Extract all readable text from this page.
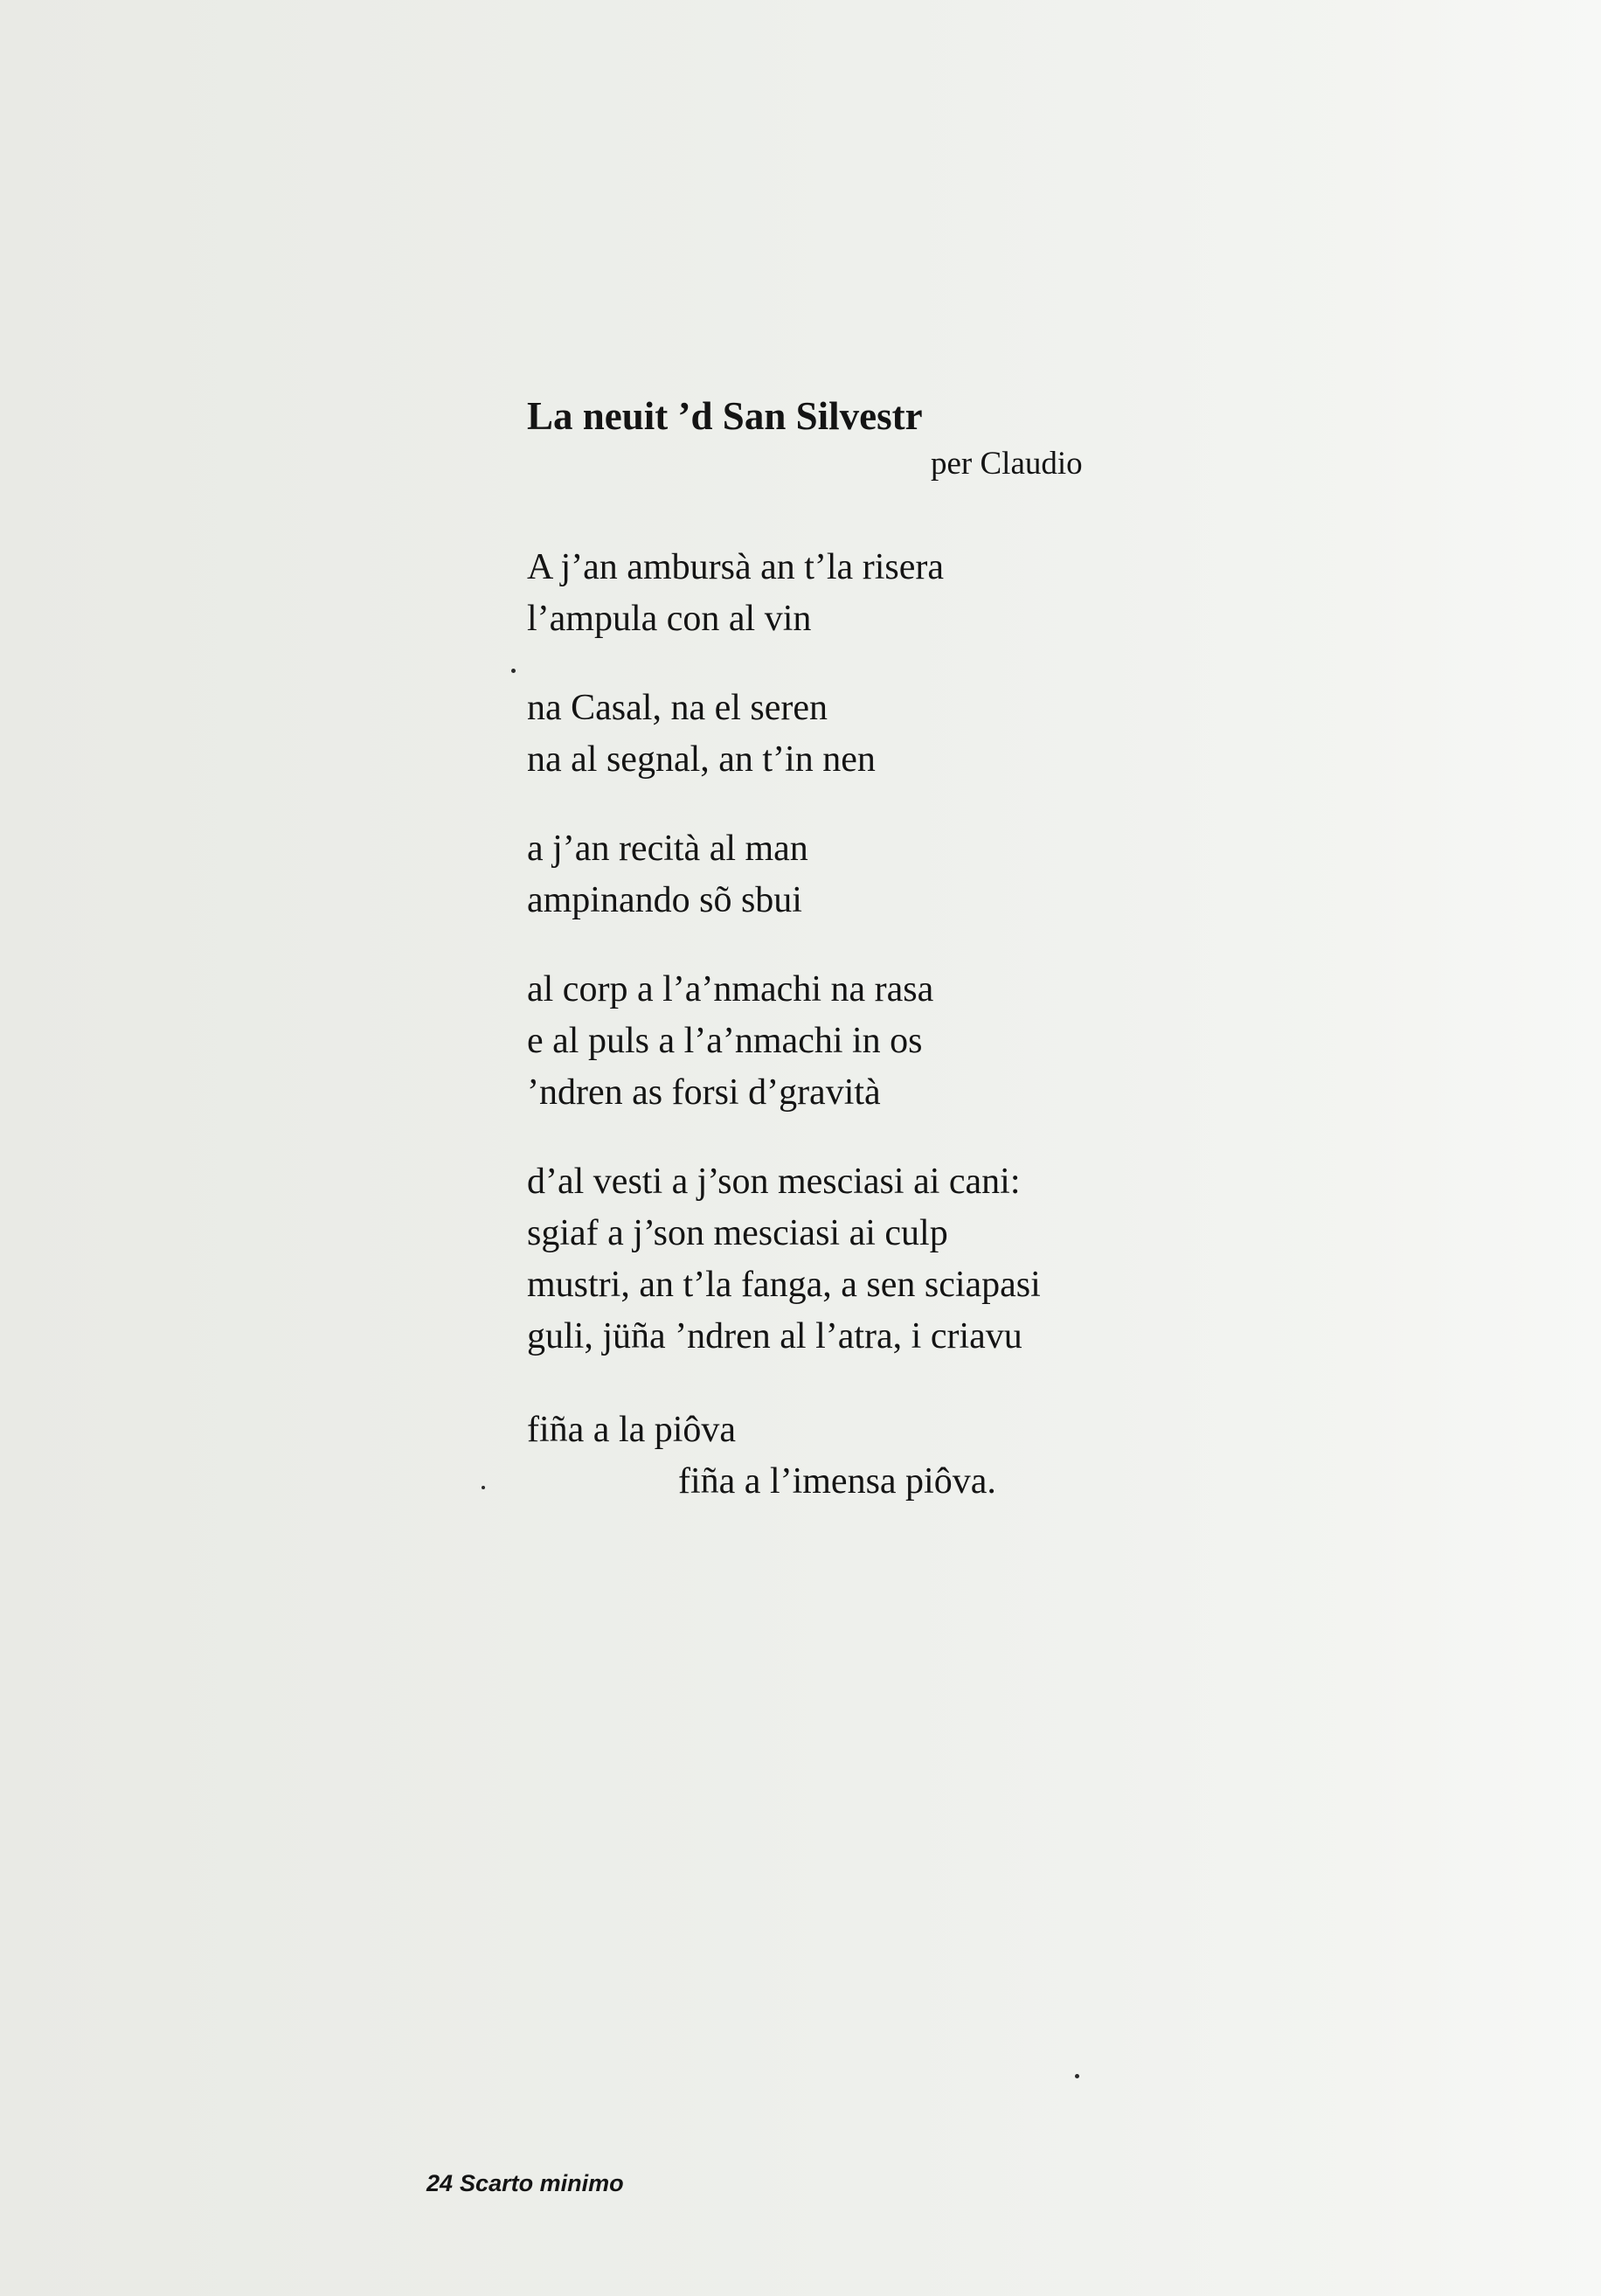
La neuit ’d San Silvestr
per Claudio
A j’an ambursà an t’la risera
l’ampula con al vin
na Casal, na el seren
na al segnal, an t’in nen
a j’an recità al man
ampinando sõ sbui
al corp a l’a’nmachi na rasa
e al puls a l’a’nmachi in os
’ndren as forsi d’gravità
d’al vesti a j’son mesciasi ai cani:
sgiaf a j’son mesciasi ai culp
mustri, an t’la fanga, a sen sciapasi
guli, jüña ’ndren al l’atra, i criavu
fiña a la piôva
fiña a l’imensa piôva.
24 Scarto minimo
